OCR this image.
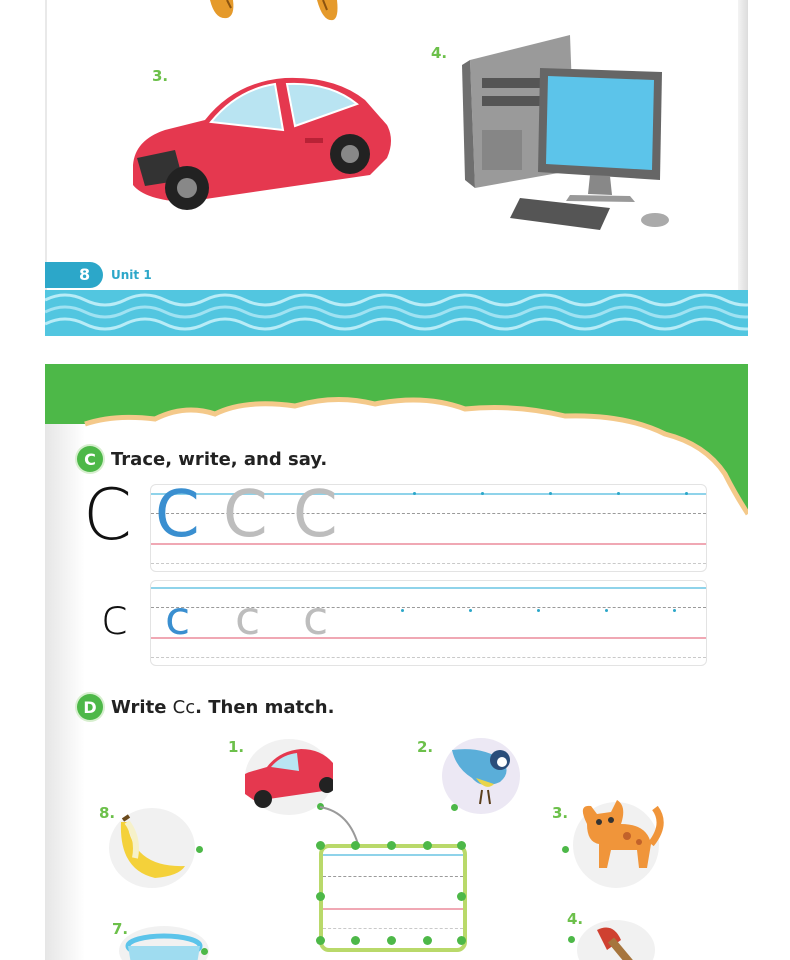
3.
4.
8 Unit 1
C Trace, write, and say.
C C C C
c c c c
D Write Cc . Then match.
1.	2.
3.
4.
7.
8.
